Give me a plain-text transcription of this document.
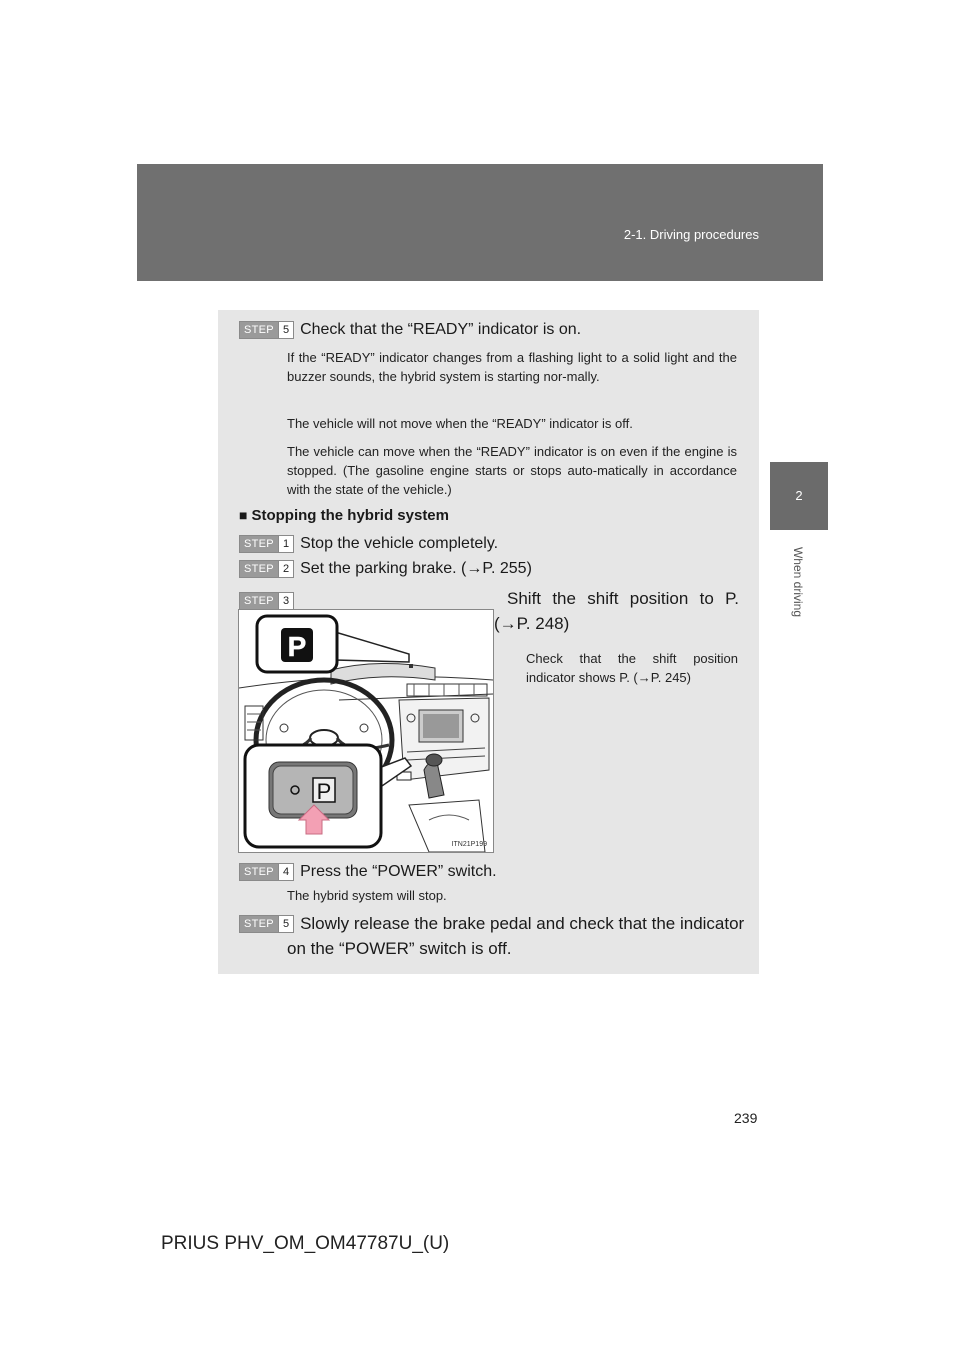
2-1. Driving procedures
2
When driving
STEP 5 Check that the “READY” indicator is on.
If the “READY” indicator changes from a flashing light to a solid light and the buzzer sounds, the hybrid system is starting nor-mally.
The vehicle will not move when the “READY” indicator is off.
The vehicle can move when the “READY” indicator is on even if the engine is stopped. (The gasoline engine starts or stops auto-matically in accordance with the state of the vehicle.)
■ Stopping the hybrid system
STEP 1 Stop the vehicle completely.
STEP 2 Set the parking brake. (→P. 255)
STEP 3	Shift the shift position to P.
(→P. 248)
Check that the shift position indicator shows P. (→P. 245)
P
P
ITN21P199
STEP 4 Press the “POWER” switch.
The hybrid system will stop.
STEP 5 Slowly release the brake pedal and check that the indicator
on the “POWER” switch is off.
239
PRIUS PHV_OM_OM47787U_(U)
